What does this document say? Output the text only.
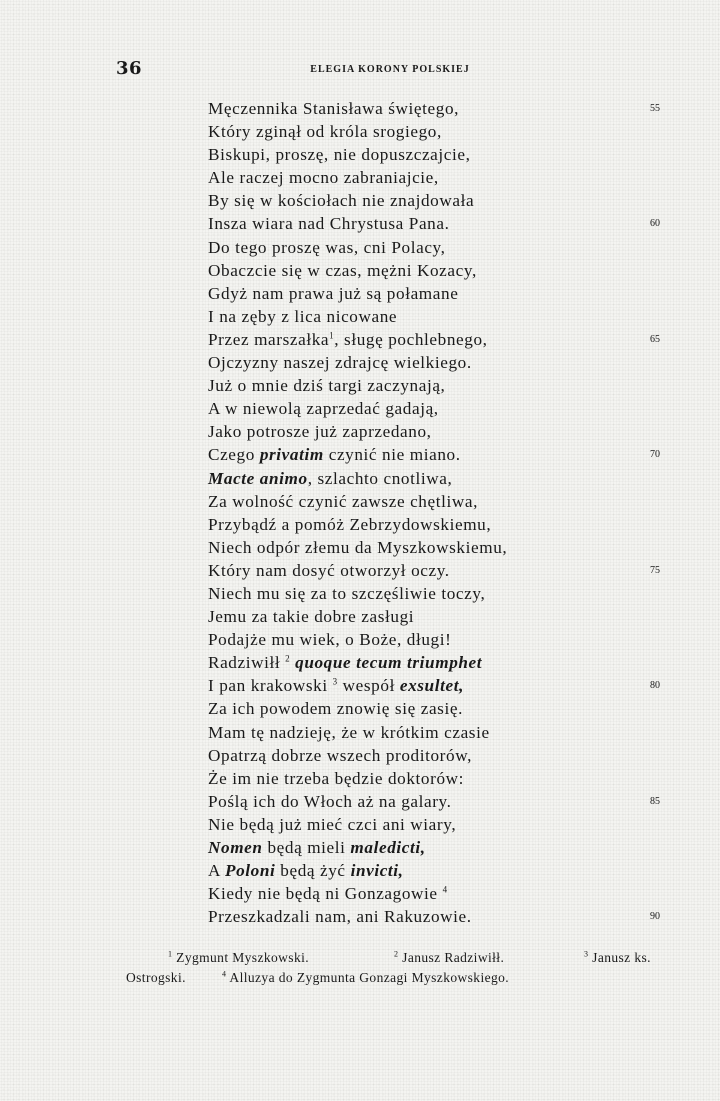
36	ELEGIA KORONY POLSKIEJ
Męczennika Stanisława świętego,	55
Który zginął od króla srogiego,
Biskupi, proszę, nie dopuszczajcie,
Ale raczej mocno zabraniajcie,
By się w kościołach nie znajdowała
Insza wiara nad Chrystusa Pana.	60
Do tego proszę was, cni Polacy,
Obaczcie się w czas, mężni Kozacy,
Gdyż nam prawa już są połamane
I na zęby z lica nicowane
Przez marszałka$^1$, sługę pochlebnego,	65
Ojczyzny naszej zdrajcę wielkiego.
Już o mnie dziś targi zaczynają,
A w niewolą zaprzedać gadają,
Jako potrosze już zaprzedano,
Czego privatim czynić nie miano.	70
Macte animo, szlachto cnotliwa,
Za wolność czynić zawsze chętliwa,
Przybądź a pomóż Zebrzydowskiemu,
Niech odpór złemu da Myszkowskiemu,
Który nam dosyć otworzył oczy.	75
Niech mu się za to szczęśliwie toczy,
Jemu za takie dobre zasługi
Podajże mu wiek, o Boże, długi!
Radziwiłł $^2$ quoque tecum triumphet
I pan krakowski $^3$ wespół exsultet,	80
Za ich powodem znowię się zasię.
Mam tę nadzieję, że w krótkim czasie
Opatrzą dobrze wszech proditorów,
Że im nie trzeba będzie doktorów:
Poślą ich do Włoch aż na galary.	85
Nie będą już mieć czci ani wiary,
Nomen będą mieli maledicti,
A Poloni będą żyć invicti,
Kiedy nie będą ni Gonzagowie $^4$
Przeszkadzali nam, ani Rakuzowie.	90
$^1$ Zygmunt Myszkowski.	$^2$ Janusz Radziwiłł.	$^3$ Janusz ks.
Ostrogski.	$^4$ Alluzya do Zygmunta Gonzagi Myszkowskiego.
